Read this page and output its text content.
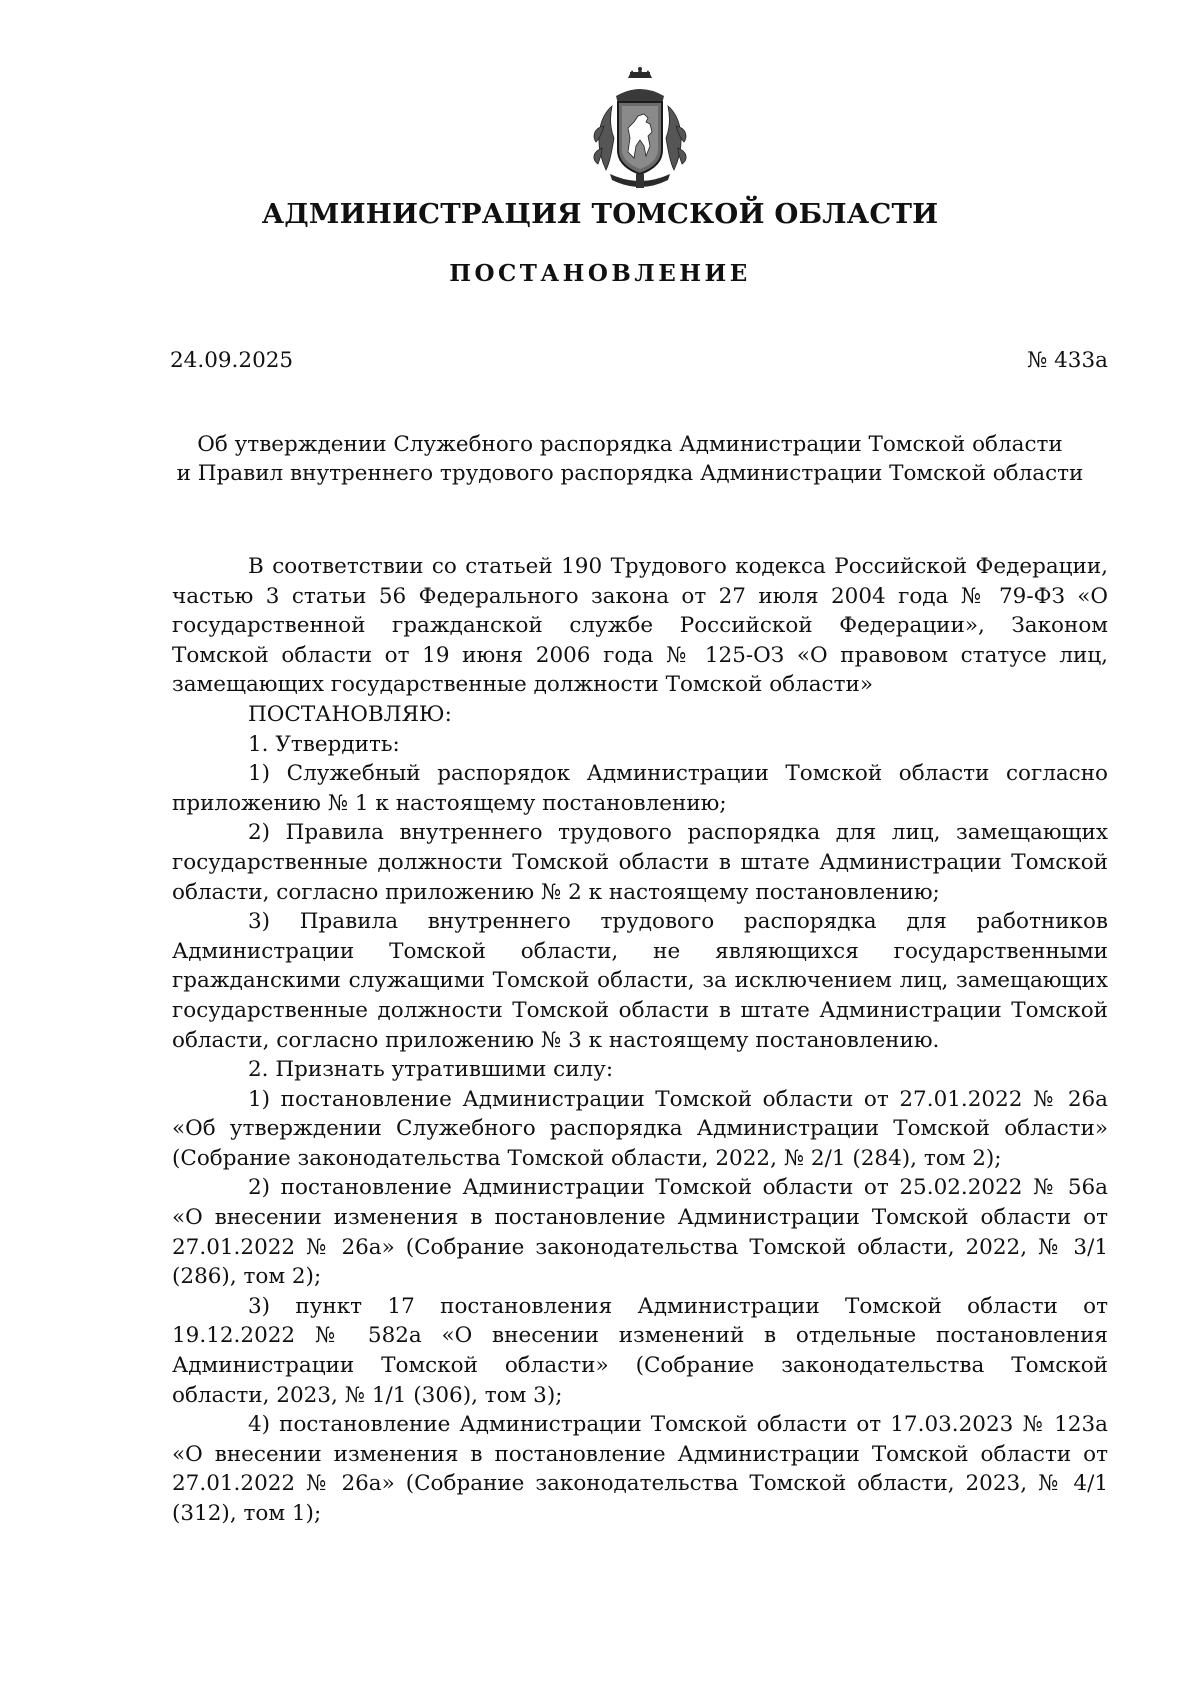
АДМИНИСТРАЦИЯ ТОМСКОЙ ОБЛАСТИ
ПОСТАНОВЛЕНИЕ
24.09.2025	№ 433а
Об утверждении Служебного распорядка Администрации Томской области
и Правил внутреннего трудового распорядка Администрации Томской области

В соответствии со статьей 190 Трудового кодекса Российской Федерации, частью 3 статьи 56 Федерального закона от 27 июля 2004 года № 79-ФЗ «О государственной гражданской службе Российской Федерации», Законом Томской области от 19 июня 2006 года № 125-ОЗ «О правовом статусе лиц, замещающих государственные должности Томской области»

ПОСТАНОВЛЯЮ:

1. Утвердить:

1) Служебный распорядок Администрации Томской области согласно приложению № 1 к настоящему постановлению;

2) Правила внутреннего трудового распорядка для лиц, замещающих государственные должности Томской области в штате Администрации Томской области, согласно приложению № 2 к настоящему постановлению;

3) Правила внутреннего трудового распорядка для работников Администрации Томской области, не являющихся государственными гражданскими служащими Томской области, за исключением лиц, замещающих государственные должности Томской области в штате Администрации Томской области, согласно приложению № 3 к настоящему постановлению.

2. Признать утратившими силу:

1) постановление Администрации Томской области от 27.01.2022 № 26а «Об утверждении Служебного распорядка Администрации Томской области» (Собрание законодательства Томской области, 2022, № 2/1 (284), том 2);

2) постановление Администрации Томской области от 25.02.2022 № 56а «О внесении изменения в постановление Администрации Томской области от 27.01.2022 № 26а» (Собрание законодательства Томской области, 2022, № 3/1 (286), том 2);

3) пункт 17 постановления Администрации Томской области от 19.12.2022 № 582а «О внесении изменений в отдельные постановления Администрации Томской области» (Собрание законодательства Томской области, 2023, № 1/1 (306), том 3);

4) постановление Администрации Томской области от 17.03.2023 № 123а «О внесении изменения в постановление Администрации Томской области от 27.01.2022 № 26а» (Собрание законодательства Томской области, 2023, № 4/1 (312), том 1);
